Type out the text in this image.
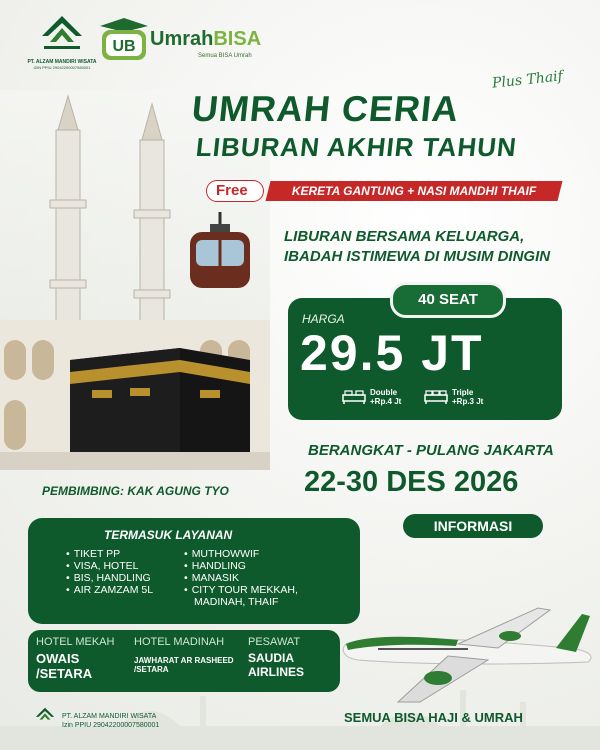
PT. ALZAM MANDIRI WISATA
IZIN PPIU 29042200007580001
UB UmrahBISA
Semua BISA Umrah
Plus Thaif
UMRAH CERIA
LIBURAN AKHIR TAHUN
Free	KERETA GANTUNG + NASI MANDHI THAIF
LIBURAN BERSAMA KELUARGA,
IBADAH ISTIMEWA DI MUSIM DINGIN
40 SEAT
HARGA
29.5 JT
Double
+Rp.4 Jt
Triple
+Rp.3 Jt
BERANGKAT - PULANG JAKARTA
22-30 DES 2026
INFORMASI
PEMBIMBING: KAK AGUNG TYO
TERMASUK LAYANAN
• TIKET PP
• VISA, HOTEL
• BIS, HANDLING
• AIR ZAMZAM 5L
• MUTHOWWIF
• HANDLING
• MANASIK
• CITY TOUR MEKKAH,
MADINAH, THAIF
HOTEL MEKAH
OWAIS
/SETARA
HOTEL MADINAH
JAWHARAT AR RASHEED
/SETARA
PESAWAT
SAUDIA
AIRLINES
PT. ALZAM MANDIRI WISATA
Izin PPIU 29042200007580001
SEMUA BISA HAJI & UMRAH
